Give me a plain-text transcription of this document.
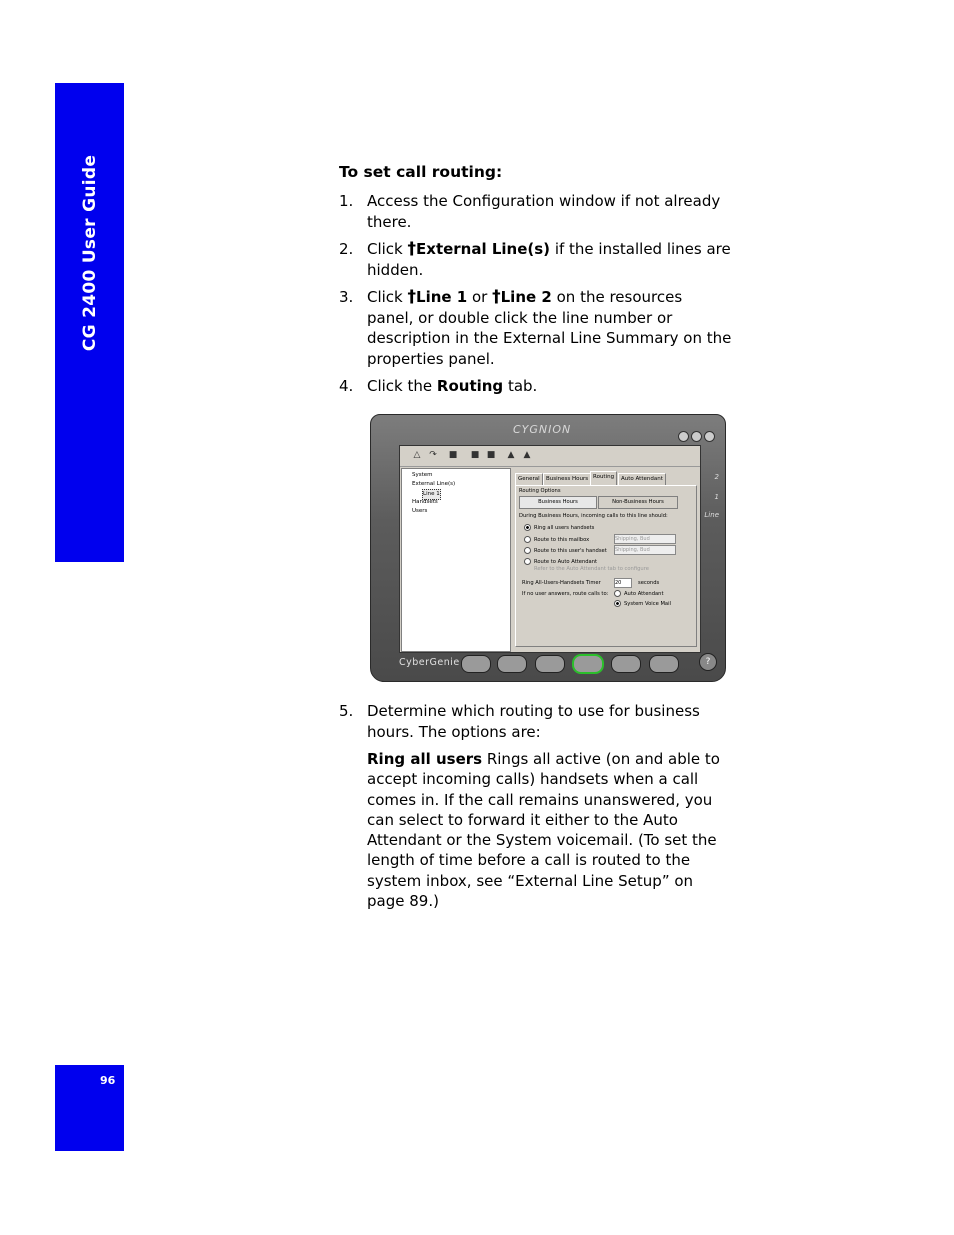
CG 2400 User Guide
96
To set call routing:
1. Access the Configuration window if not already
there.
2. Click †External Line(s) if the installed lines are
hidden.
3. Click †Line 1 or †Line 2 on the resources
panel, or double click the line number or
description in the External Line Summary on the
properties panel.
4. Click the Routing tab.
CYGNION
2
1
Line
△ ↷ ■ ■ ■ ▲ ▲
System
External Line(s)
Line 1
Handsets
Users
General	Business Hours Routing	Auto Attendant
Routing Options
Business Hours	Non-Business Hours
During Business Hours, incoming calls to this line should:
Ring all users handsets
Route to this mailbox
Route to this user's handset
Route to Auto Attendant
Refer to the Auto Attendant tab to configure
Shipping, Bud
Shipping, Bud
Ring All-Users-Handsets Timer	20	seconds
If no user answers, route calls to:	Auto Attendant
System Voice Mail
CyberGenie	?
5. Determine which routing to use for business
hours. The options are:
Ring all users Rings all active (on and able to
accept incoming calls) handsets when a call
comes in. If the call remains unanswered, you
can select to forward it either to the Auto
Attendant or the System voicemail. (To set the
length of time before a call is routed to the
system inbox, see “External Line Setup” on
page 89.)
